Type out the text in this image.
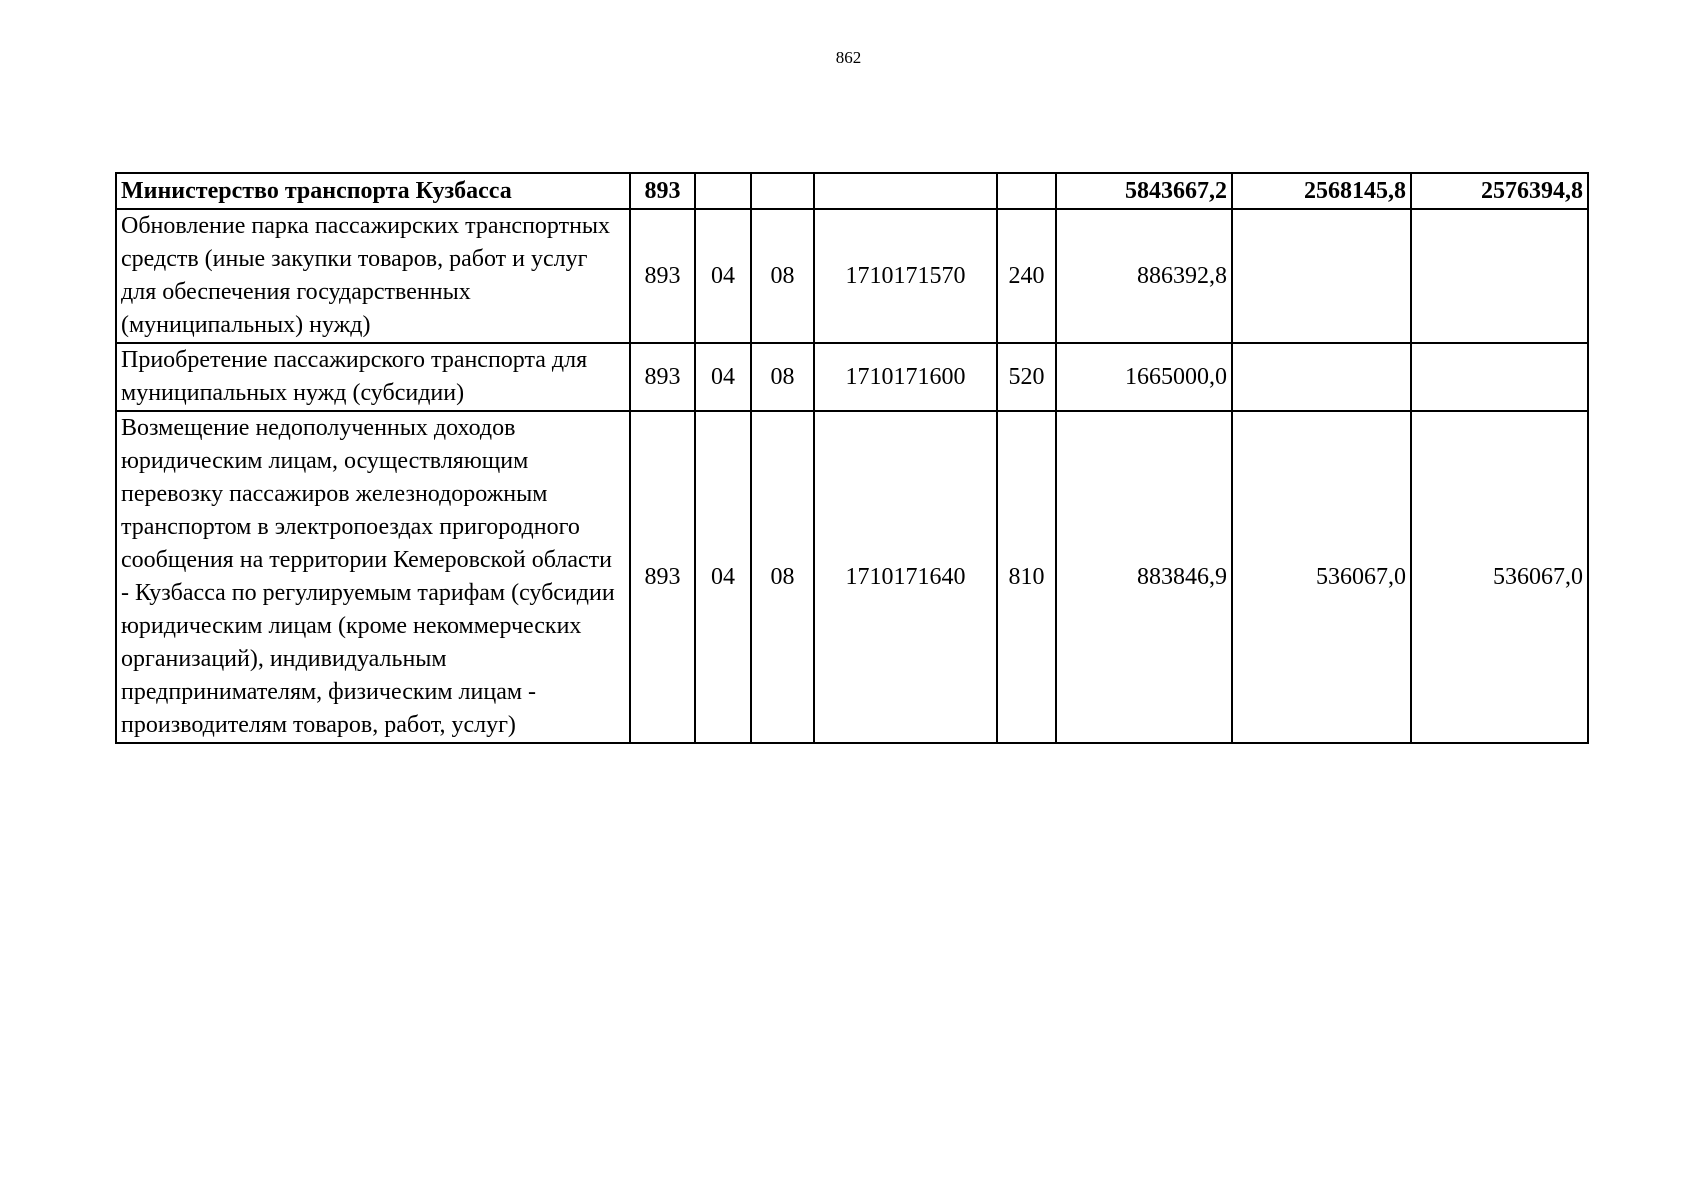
862
Министерство транспорта Кузбасса	893					5843667,2	2568145,8	2576394,8
Обновление парка пассажирских транспортных средств (иные закупки товаров, работ и услуг для обеспечения государственных (муниципальных) нужд)	893	04	08	1710171570	240	886392,8		
Приобретение пассажирского транспорта для муниципальных нужд (субсидии)	893	04	08	1710171600	520	1665000,0		
Возмещение недополученных доходов юридическим лицам, осуществляющим перевозку пассажиров железнодорожным транспортом в электропоездах пригородного сообщения на территории Кемеровской области - Кузбасса по регулируемым тарифам (субсидии юридическим лицам (кроме некоммерческих организаций), индивидуальным предпринимателям, физическим лицам - производителям товаров, работ, услуг)	893	04	08	1710171640	810	883846,9	536067,0	536067,0
